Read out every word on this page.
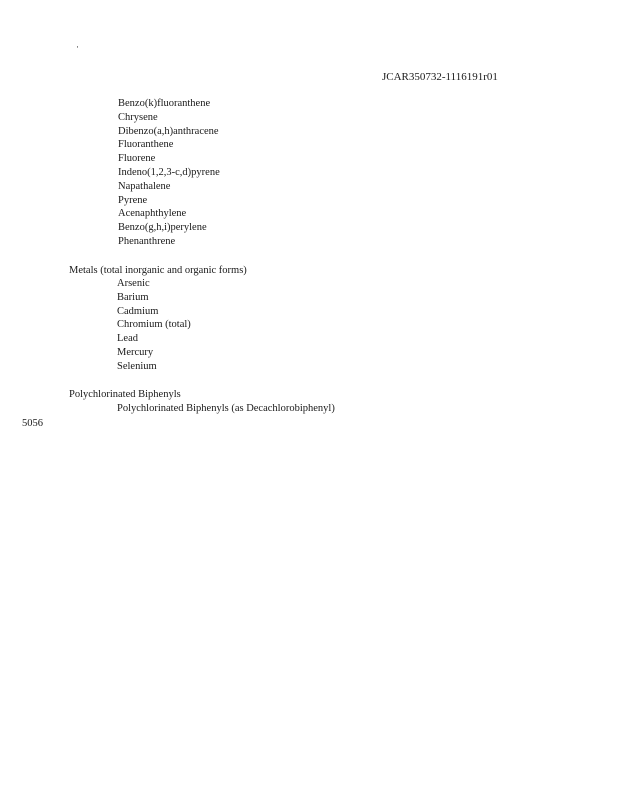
·
JCAR350732-1116191r01
Benzo(k)fluoranthene
Chrysene
Dibenzo(a,h)anthracene
Fluoranthene
Fluorene
Indeno(1,2,3-c,d)pyrene
Napathalene
Pyrene
Acenaphthylene
Benzo(g,h,i)perylene
Phenanthrene
Metals (total inorganic and organic forms)
Arsenic
Barium
Cadmium
Chromium (total)
Lead
Mercury
Selenium
Polychlorinated Biphenyls
Polychlorinated Biphenyls (as Decachlorobiphenyl)
5056
